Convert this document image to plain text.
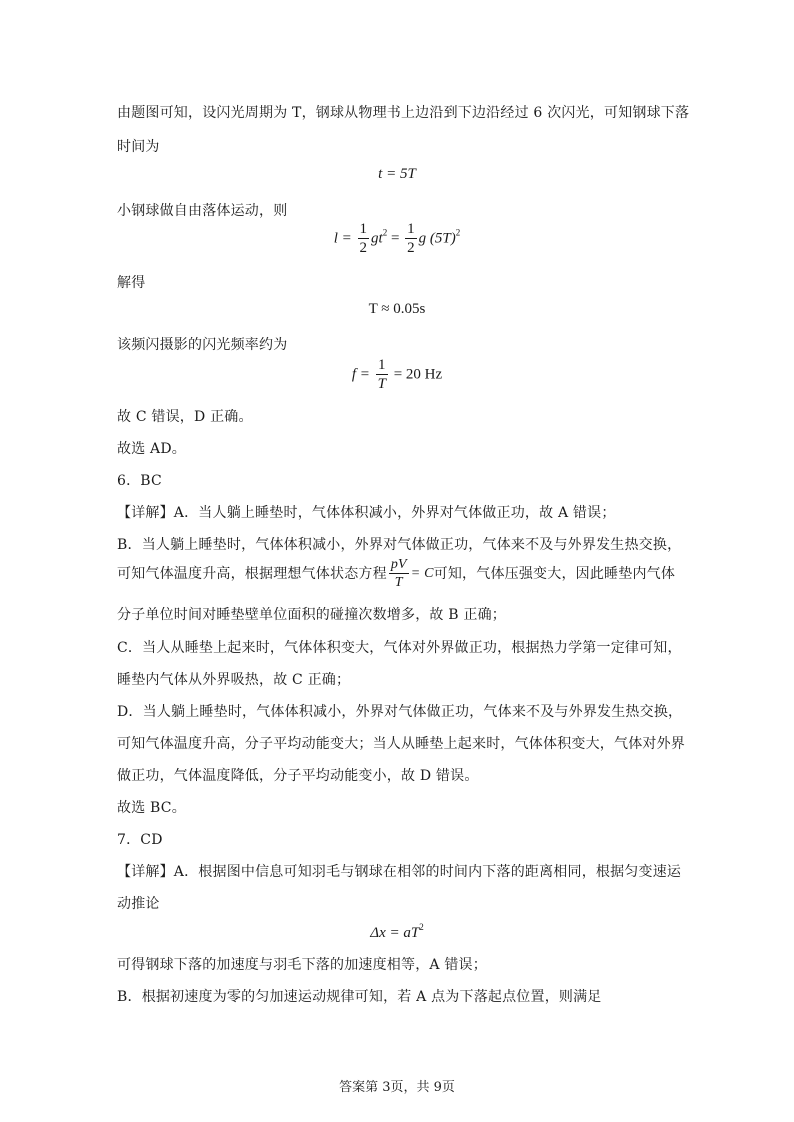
由题图可知，设闪光周期为 T，钢球从物理书上边沿到下边沿经过 6 次闪光，可知钢球下落
时间为
t = 5T
小钢球做自由落体运动，则
$l = \frac{1}{2} gt^2 = \frac{1}{2}$ g $(5T)^2$
解得
T ≈ 0.05s
该频闪摄影的闪光频率约为
$f = \frac{1}{T} = 20$ Hz
故 C 错误，D 正确。
故选 AD。
6．BC
【详解】A．当人躺上睡垫时，气体体积减小，外界对气体做正功，故 A 错误；
B．当人躺上睡垫时，气体体积减小，外界对气体做正功，气体来不及与外界发生热交换，
可知气体温度升高，根据理想气体状态方程 $\frac{pV}{T} = C$可知，气体压强变大，因此睡垫内气体
分子单位时间对睡垫壁单位面积的碰撞次数增多，故 B 正确；
C．当人从睡垫上起来时，气体体积变大，气体对外界做正功，根据热力学第一定律可知，
睡垫内气体从外界吸热，故 C 正确；
D．当人躺上睡垫时，气体体积减小，外界对气体做正功，气体来不及与外界发生热交换，
可知气体温度升高，分子平均动能变大；当人从睡垫上起来时，气体体积变大，气体对外界
做正功，气体温度降低，分子平均动能变小，故 D 错误。
故选 BC。
7．CD
【详解】A．根据图中信息可知羽毛与钢球在相邻的时间内下落的距离相同，根据匀变速运
动推论
$\Delta x = aT^2$
可得钢球下落的加速度与羽毛下落的加速度相等，A 错误；
B．根据初速度为零的匀加速运动规律可知，若 A 点为下落起点位置，则满足
答案第 3页，共 9页
